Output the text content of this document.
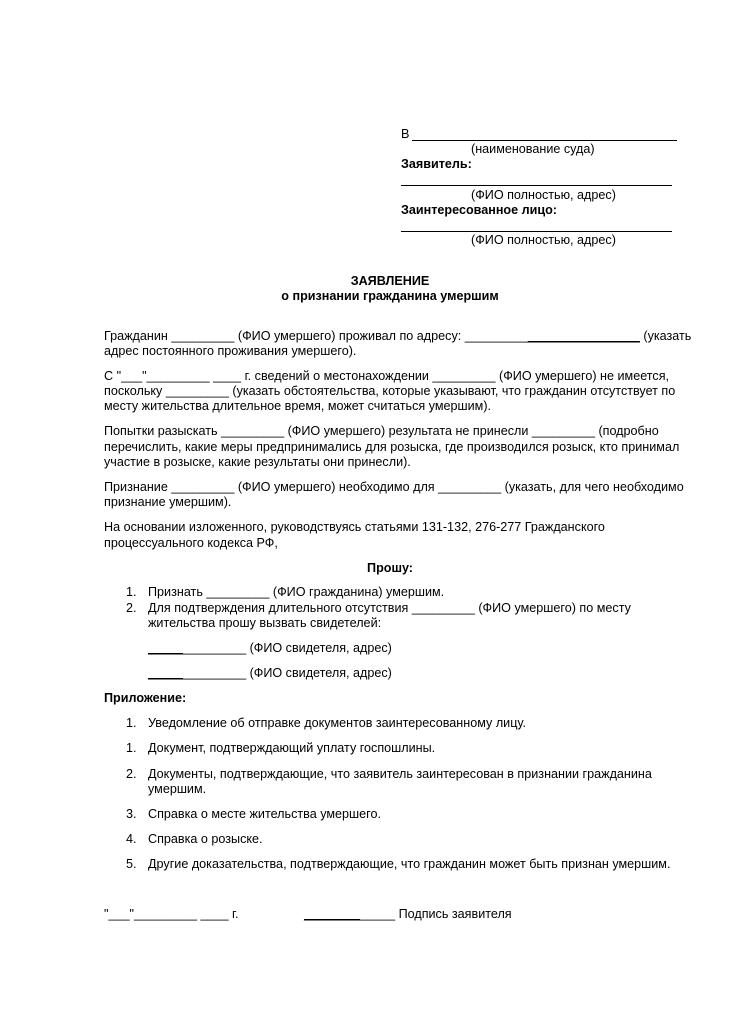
В
(наименование суда)
Заявитель:
(ФИО полностью, адрес)
Заинтересованное лицо:
(ФИО полностью, адрес)
ЗАЯВЛЕНИЕ
о признании гражданина умершим
Гражданин _________ (ФИО умершего) проживал по адресу: _________________________ (указать
адрес постоянного проживания умершего).
С "___"_________ ____ г. сведений о местонахождении _________ (ФИО умершего) не имеется,
поскольку _________ (указать обстоятельства, которые указывают, что гражданин отсутствует по
месту жительства длительное время, может считаться умершим).
Попытки разыскать _________ (ФИО умершего) результата не принесли _________ (подробно
перечислить, какие меры предпринимались для розыска, где производился розыск, кто принимал
участие в розыске, какие результаты они принесли).
Признание _________ (ФИО умершего) необходимо для _________ (указать, для чего необходимо
признание умершим).
На основании изложенного, руководствуясь статьями 131-132, 276-277 Гражданского
процессуального кодекса РФ,
Прошу:
1. Признать _________ (ФИО гражданина) умершим.
2. Для подтверждения длительного отсутствия _________ (ФИО умершего) по месту
жительства прошу вызвать свидетелей:
______________ (ФИО свидетеля, адрес)
______________ (ФИО свидетеля, адрес)
Приложение:
1. Уведомление об отправке документов заинтересованному лицу.
1. Документ, подтверждающий уплату госпошлины.
2. Документы, подтверждающие, что заявитель заинтересован в признании гражданина
умершим.
3. Справка о месте жительства умершего.
4. Справка о розыске.
5. Другие доказательства, подтверждающие, что гражданин может быть признан умершим.
"___"_________ ____ г.	_____________ Подпись заявителя
